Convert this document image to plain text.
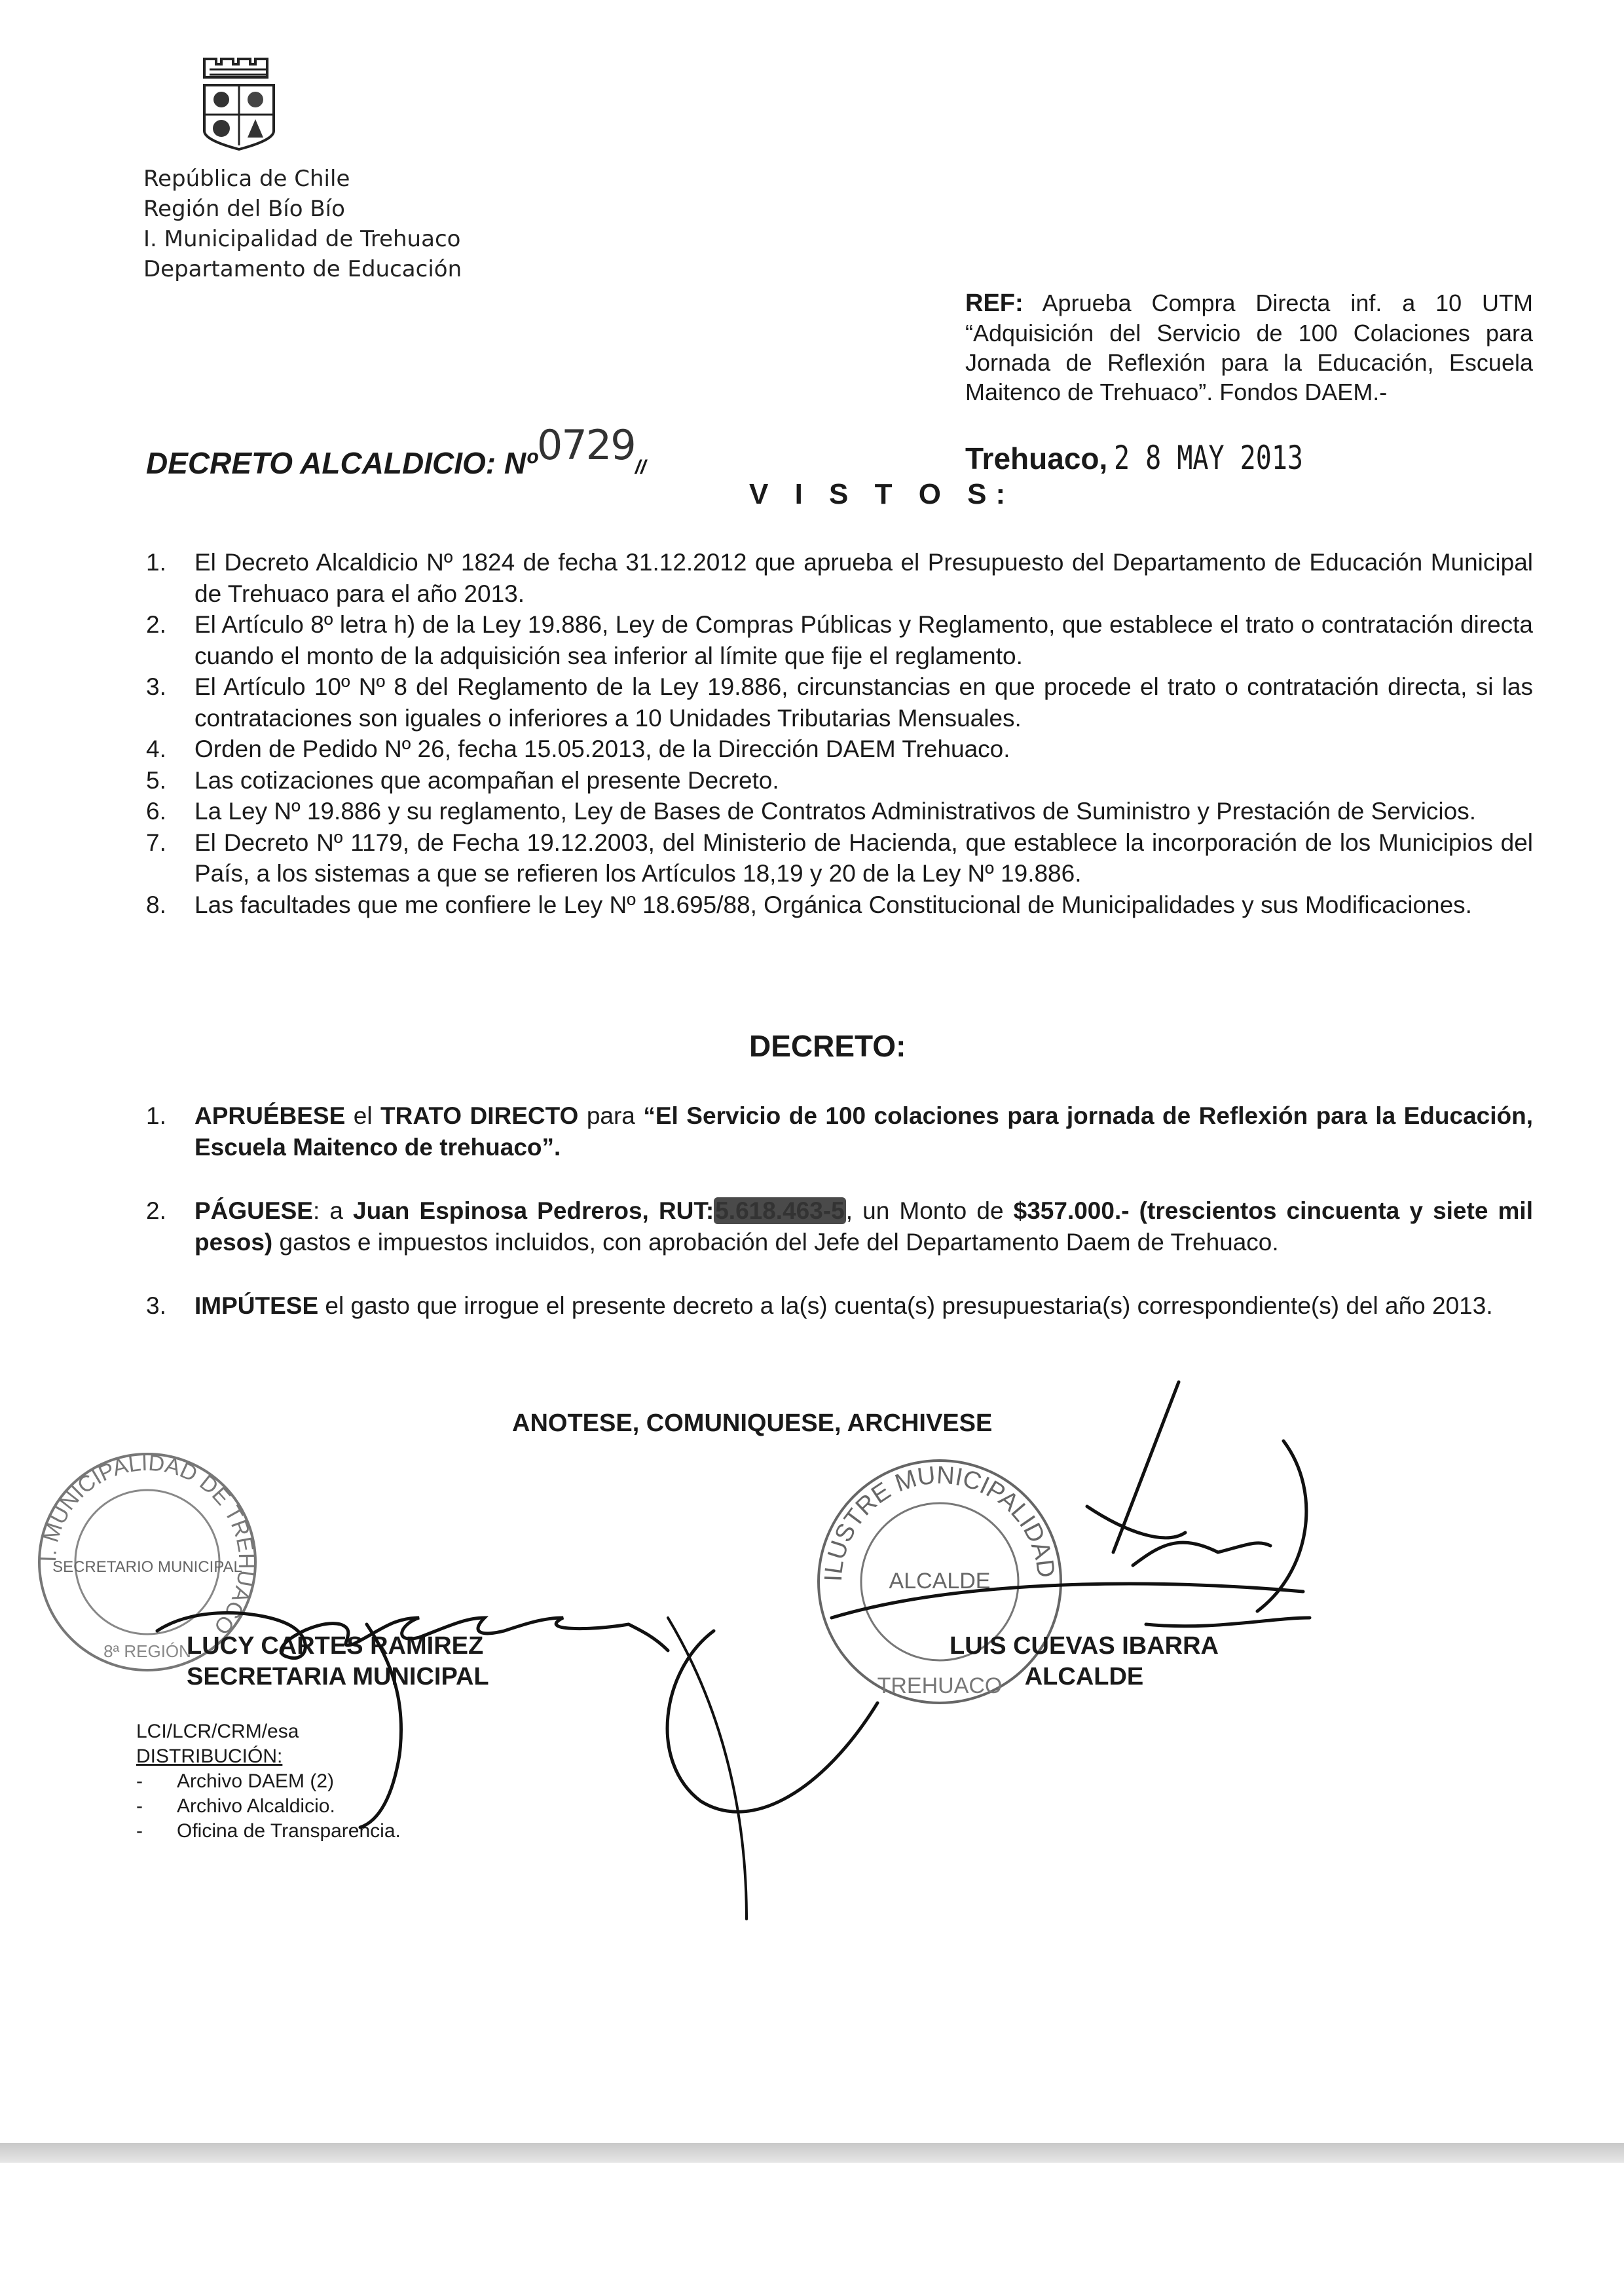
República de Chile
Región del Bío Bío
I. Municipalidad de Trehuaco
Departamento de Educación
REF: Aprueba Compra Directa inf. a 10 UTM “Adquisición del Servicio de 100 Colaciones para Jornada de Reflexión para la Educación, Escuela Maitenco de Trehuaco”. Fondos DAEM.-
DECRETO ALCALDICIO: Nº0729//	Trehuaco, 2 8 MAY 2013
V I S T O S:
1. El Decreto Alcaldicio Nº 1824 de fecha 31.12.2012 que aprueba el Presupuesto del Departamento de Educación Municipal de Trehuaco para el año 2013.
2. El Artículo 8º letra h) de la Ley 19.886, Ley de Compras Públicas y Reglamento, que establece el trato o contratación directa cuando el monto de la adquisición sea inferior al límite que fije el reglamento.
3. El Artículo 10º Nº 8 del Reglamento de la Ley 19.886, circunstancias en que procede el trato o contratación directa, si las contrataciones son iguales o inferiores a 10 Unidades Tributarias Mensuales.
4. Orden de Pedido Nº 26, fecha 15.05.2013, de la Dirección DAEM Trehuaco.
5. Las cotizaciones que acompañan el presente Decreto.
6. La Ley Nº 19.886 y su reglamento, Ley de Bases de Contratos Administrativos de Suministro y Prestación de Servicios.
7. El Decreto Nº 1179, de Fecha 19.12.2003, del Ministerio de Hacienda, que establece la incorporación de los Municipios del País, a los sistemas a que se refieren los Artículos 18,19 y 20 de la Ley Nº 19.886.
8. Las facultades que me confiere le Ley Nº 18.695/88, Orgánica Constitucional de Municipalidades y sus Modificaciones.
DECRETO:
1. APRUÉBESE el TRATO DIRECTO para “El Servicio de 100 colaciones para jornada de Reflexión para la Educación, Escuela Maitenco de trehuaco”.
2. PÁGUESE: a Juan Espinosa Pedreros, RUT:5.618.463-5, un Monto de $357.000.- (trescientos cincuenta y siete mil pesos) gastos e impuestos incluidos, con aprobación del Jefe del Departamento Daem de Trehuaco.
3. IMPÚTESE el gasto que irrogue el presente decreto a la(s) cuenta(s) presupuestaria(s) correspondiente(s) del año 2013.
ANOTESE, COMUNIQUESE, ARCHIVESE
I. MUNICIPALIDAD DE TREHUACO
SECRETARIO MUNICIPAL
8ª REGIÓN
ILUSTRE MUNICIPALIDAD
ALCALDE
TREHUACO
LUCY CARTES RAMIREZ
SECRETARIA MUNICIPAL
LUIS CUEVAS IBARRA
ALCALDE
LCI/LCR/CRM/esa
DISTRIBUCIÓN:
- Archivo DAEM (2)
- Archivo Alcaldicio.
- Oficina de Transparencia.
